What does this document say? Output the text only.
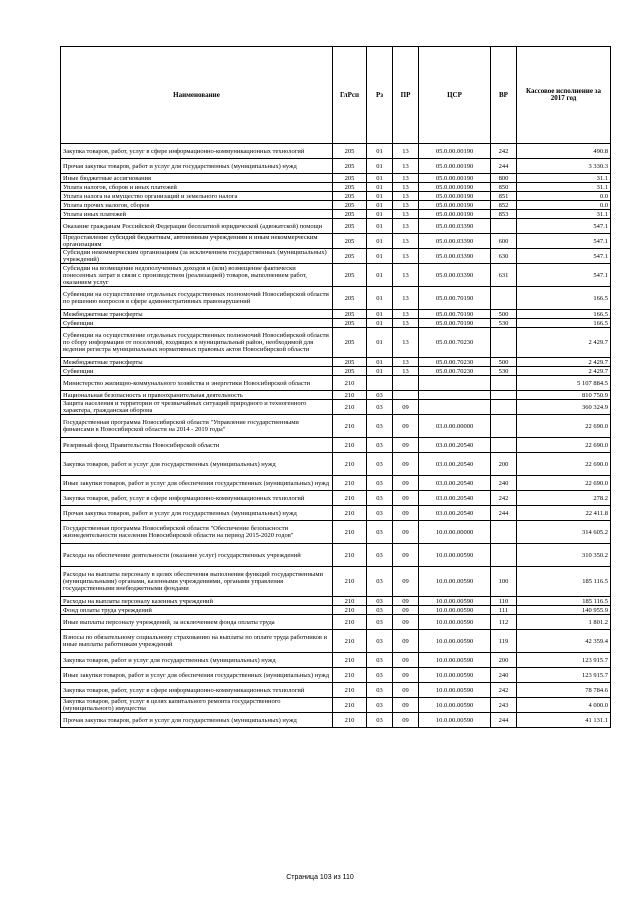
Наименование	ГлРсп	Рз	ПР	ЦСР	ВР	Кассовое исполнение за 2017 год
Закупка товаров, работ, услуг в сфере информационно-коммуникационных технологий	205	01	13	05.0.00.00190	242	490.8
Прочая закупка товаров, работ и услуг для государственных (муниципальных) нужд	205	01	13	05.0.00.00190	244	3 330.3
Иные бюджетные ассигнования	205	01	13	05.0.00.00190	800	31.1
Уплата налогов, сборов и иных платежей	205	01	13	05.0.00.00190	850	31.1
Уплата налога на имущество организаций и земельного налога	205	01	13	05.0.00.00190	851	0.0
Уплата прочих налогов, сборов	205	01	13	05.0.00.00190	852	0.0
Уплата иных платежей	205	01	13	05.0.00.00190	853	31.1
Оказание гражданам Российской Федерации бесплатной юридической (адвокатской) помощи	205	01	13	05.0.00.03390		547.1
Предоставление субсидий бюджетным, автономным учреждениям и иным некоммерческим организациям	205	01	13	05.0.00.03390	600	547.1
Субсидии некоммерческим организациям (за исключением государственных (муниципальных) учреждений)	205	01	13	05.0.00.03390	630	547.1
Субсидии на возмещение недополученных доходов и (или) возмещение фактически понесенных затрат в связи с производством (реализацией) товаров, выполнением работ, оказанием услуг	205	01	13	05.0.00.03390	631	547.1
Субвенции на осуществление отдельных государственных полномочий Новосибирской области по решению вопросов в сфере административных правонарушений	205	01	13	05.0.00.70190		166.5
Межбюджетные трансферты	205	01	13	05.0.00.70190	500	166.5
Субвенции	205	01	13	05.0.00.70190	530	166.5
Субвенции на осуществление отдельных государственных полномочий Новосибирской области по сбору информации от поселений, входящих в муниципальный район, необходимой для ведения регистра муниципальных нормативных правовых актов Новосибирской области	205	01	13	05.0.00.70230		2 429.7
Межбюджетные трансферты	205	01	13	05.0.00.70230	500	2 429.7
Субвенции	205	01	13	05.0.00.70230	530	2 429.7
Министерство жилищно-коммунального хозяйства и энергетики Новосибирской области	210					5 107 884.5
Национальная безопасность и правоохранительная деятельность	210	03				810 750.9
Защита населения и территории от чрезвычайных ситуаций природного и техногенного характера, гражданская оборона	210	03	09			360 324.9
Государственная программа Новосибирской области "Управление государственными финансами в Новосибирской области на 2014 - 2019 годы"	210	03	09	03.0.00.00000		22 690.0
Резервный фонд Правительства Новосибирской области	210	03	09	03.0.00.20540		22 690.0
Закупка товаров, работ и услуг для государственных (муниципальных) нужд	210	03	09	03.0.00.20540	200	22 690.0
Иные закупки товаров, работ и услуг для обеспечения государственных (муниципальных) нужд	210	03	09	03.0.00.20540	240	22 690.0
Закупка товаров, работ, услуг в сфере информационно-коммуникационных технологий	210	03	09	03.0.00.20540	242	278.2
Прочая закупка товаров, работ и услуг для государственных (муниципальных) нужд	210	03	09	03.0.00.20540	244	22 411.8
Государственная программа Новосибирской области "Обеспечение безопасности жизнедеятельности населения Новосибирской области на период 2015-2020 годов"	210	03	09	10.0.00.00000		314 605.2
Расходы на обеспечение деятельности (оказание услуг) государственных учреждений	210	03	09	10.0.00.00590		310 350.2
Расходы на выплаты персоналу в целях обеспечения выполнения функций государственными (муниципальными) органами, казенными учреждениями, органами управления государственными внебюджетными фондами	210	03	09	10.0.00.00590	100	185 116.5
Расходы на выплаты персоналу казенных учреждений	210	03	09	10.0.00.00590	110	185 116.5
Фонд оплаты труда учреждений	210	03	09	10.0.00.00590	111	140 955.9
Иные выплаты персоналу учреждений, за исключением фонда оплаты труда	210	03	09	10.0.00.00590	112	1 801.2
Взносы по обязательному социальному страхованию на выплаты по оплате труда работников и иные выплаты работникам учреждений	210	03	09	10.0.00.00590	119	42 359.4
Закупка товаров, работ и услуг для государственных (муниципальных) нужд	210	03	09	10.0.00.00590	200	123 915.7
Иные закупки товаров, работ и услуг для обеспечения государственных (муниципальных) нужд	210	03	09	10.0.00.00590	240	123 915.7
Закупка товаров, работ, услуг в сфере информационно-коммуникационных технологий	210	03	09	10.0.00.00590	242	78 784.6
Закупка товаров, работ, услуг в целях капитального ремонта государственного (муниципального) имущества	210	03	09	10.0.00.00590	243	4 000.0
Прочая закупка товаров, работ и услуг для государственных (муниципальных) нужд	210	03	09	10.0.00.00590	244	41 131.1
Страница 103 из 110
